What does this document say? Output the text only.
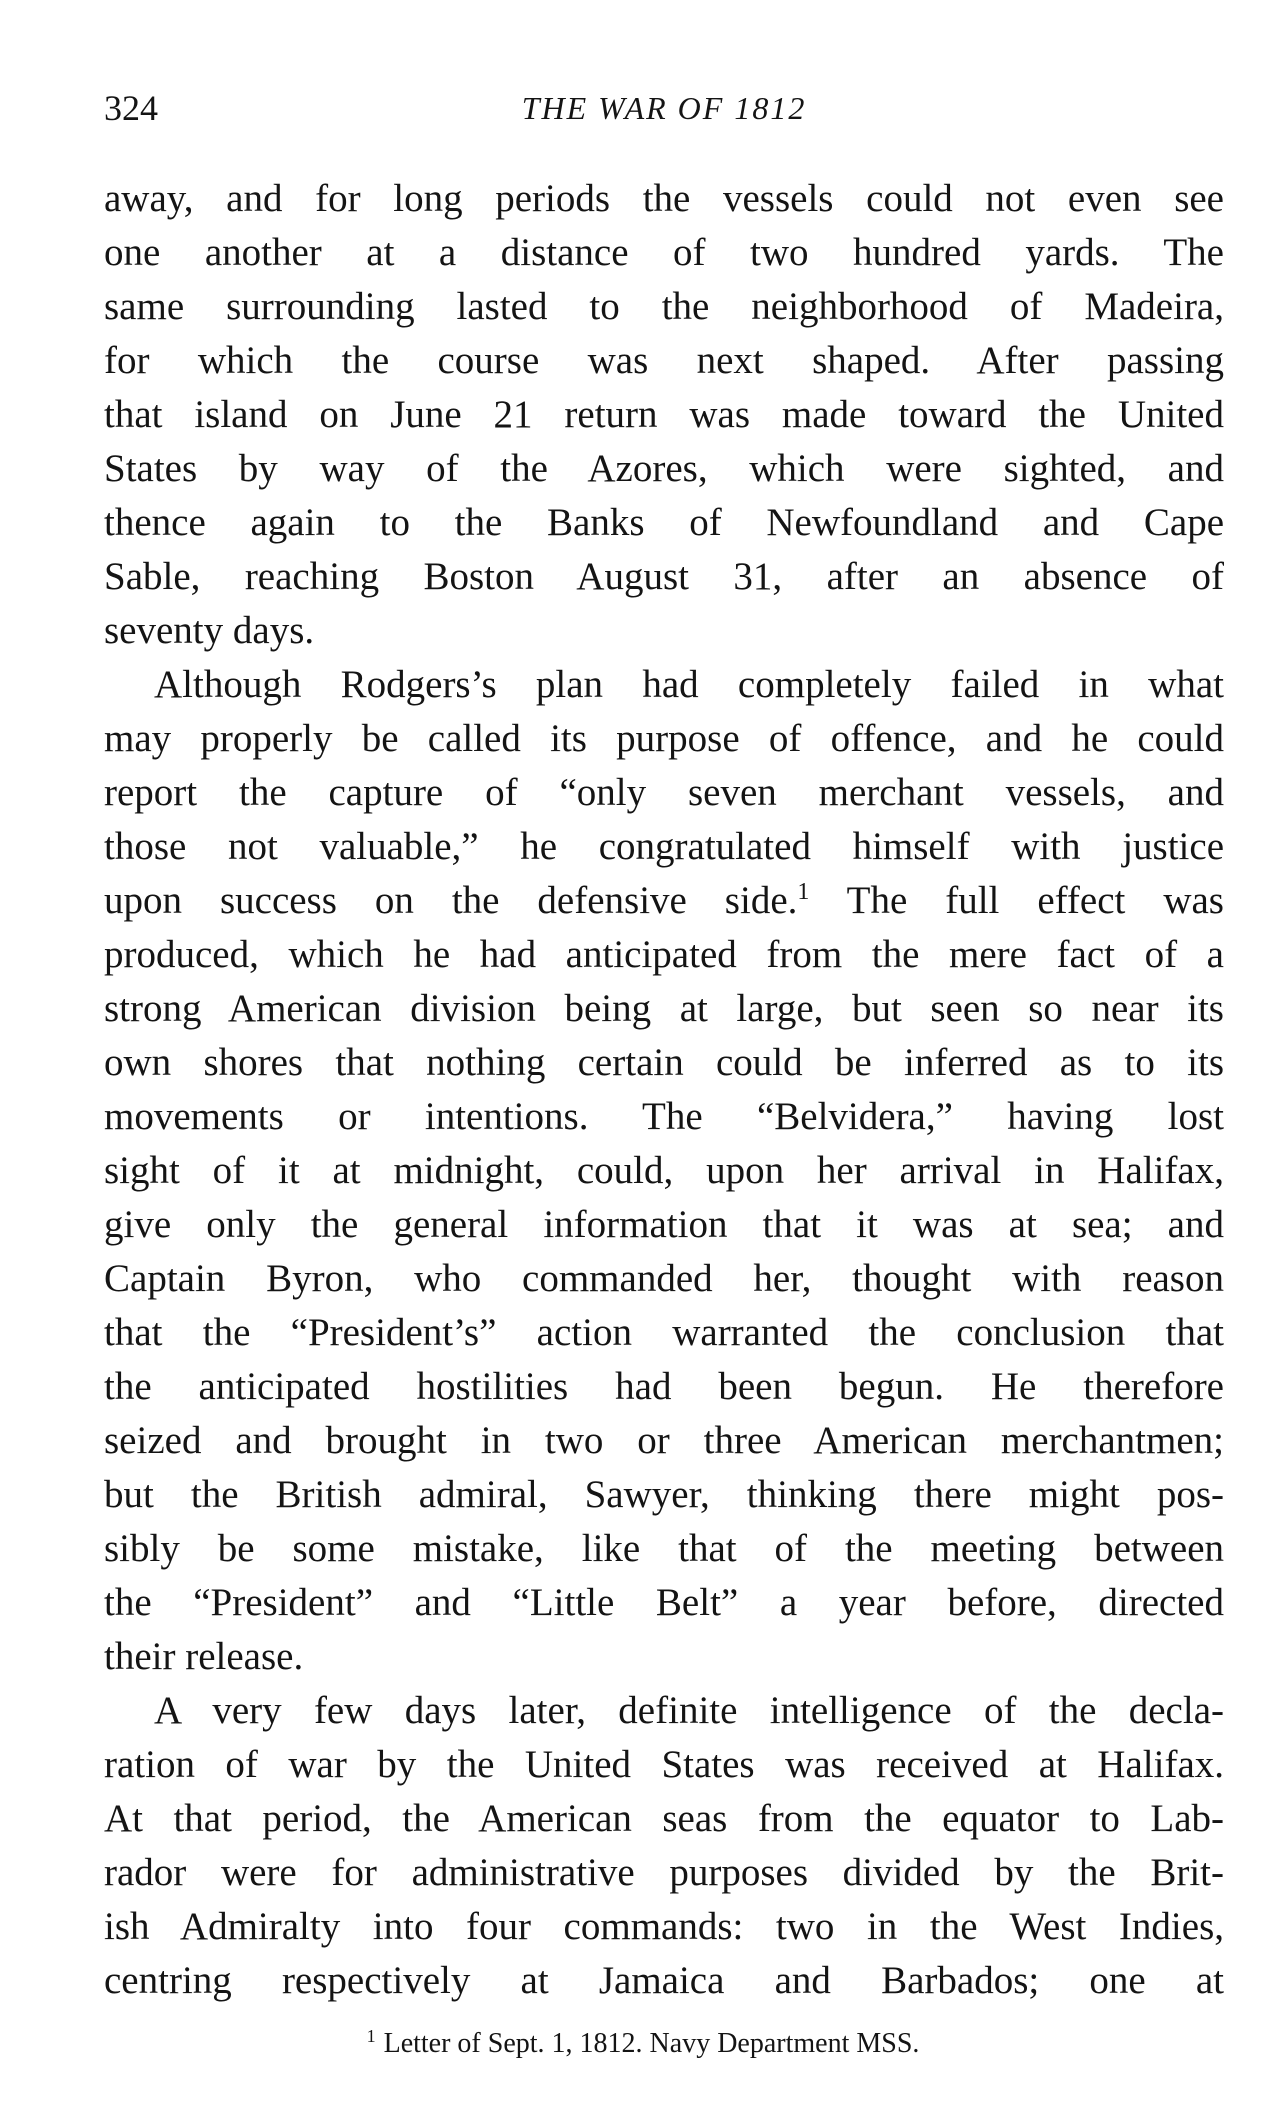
324	THE WAR OF 1812
away, and for long periods the vessels could not even see
one another at a distance of two hundred yards. The
same surrounding lasted to the neighborhood of Madeira,
for which the course was next shaped. After passing
that island on June 21 return was made toward the United
States by way of the Azores, which were sighted, and
thence again to the Banks of Newfoundland and Cape
Sable, reaching Boston August 31, after an absence of
seventy days.
Although Rodgers’s plan had completely failed in what
may properly be called its purpose of offence, and he could
report the capture of “only seven merchant vessels, and
those not valuable,” he congratulated himself with justice
upon success on the defensive side.$^1$ The full effect was
produced, which he had anticipated from the mere fact of a
strong American division being at large, but seen so near its
own shores that nothing certain could be inferred as to its
movements or intentions. The “Belvidera,” having lost
sight of it at midnight, could, upon her arrival in Halifax,
give only the general information that it was at sea; and
Captain Byron, who commanded her, thought with reason
that the “President’s” action warranted the conclusion that
the anticipated hostilities had been begun. He therefore
seized and brought in two or three American merchantmen;
but the British admiral, Sawyer, thinking there might pos-
sibly be some mistake, like that of the meeting between
the “President” and “Little Belt” a year before, directed
their release.
A very few days later, definite intelligence of the decla-
ration of war by the United States was received at Halifax.
At that period, the American seas from the equator to Lab-
rador were for administrative purposes divided by the Brit-
ish Admiralty into four commands: two in the West Indies,
centring respectively at Jamaica and Barbados; one at
$^1$ Letter of Sept. 1, 1812. Navy Department MSS.
